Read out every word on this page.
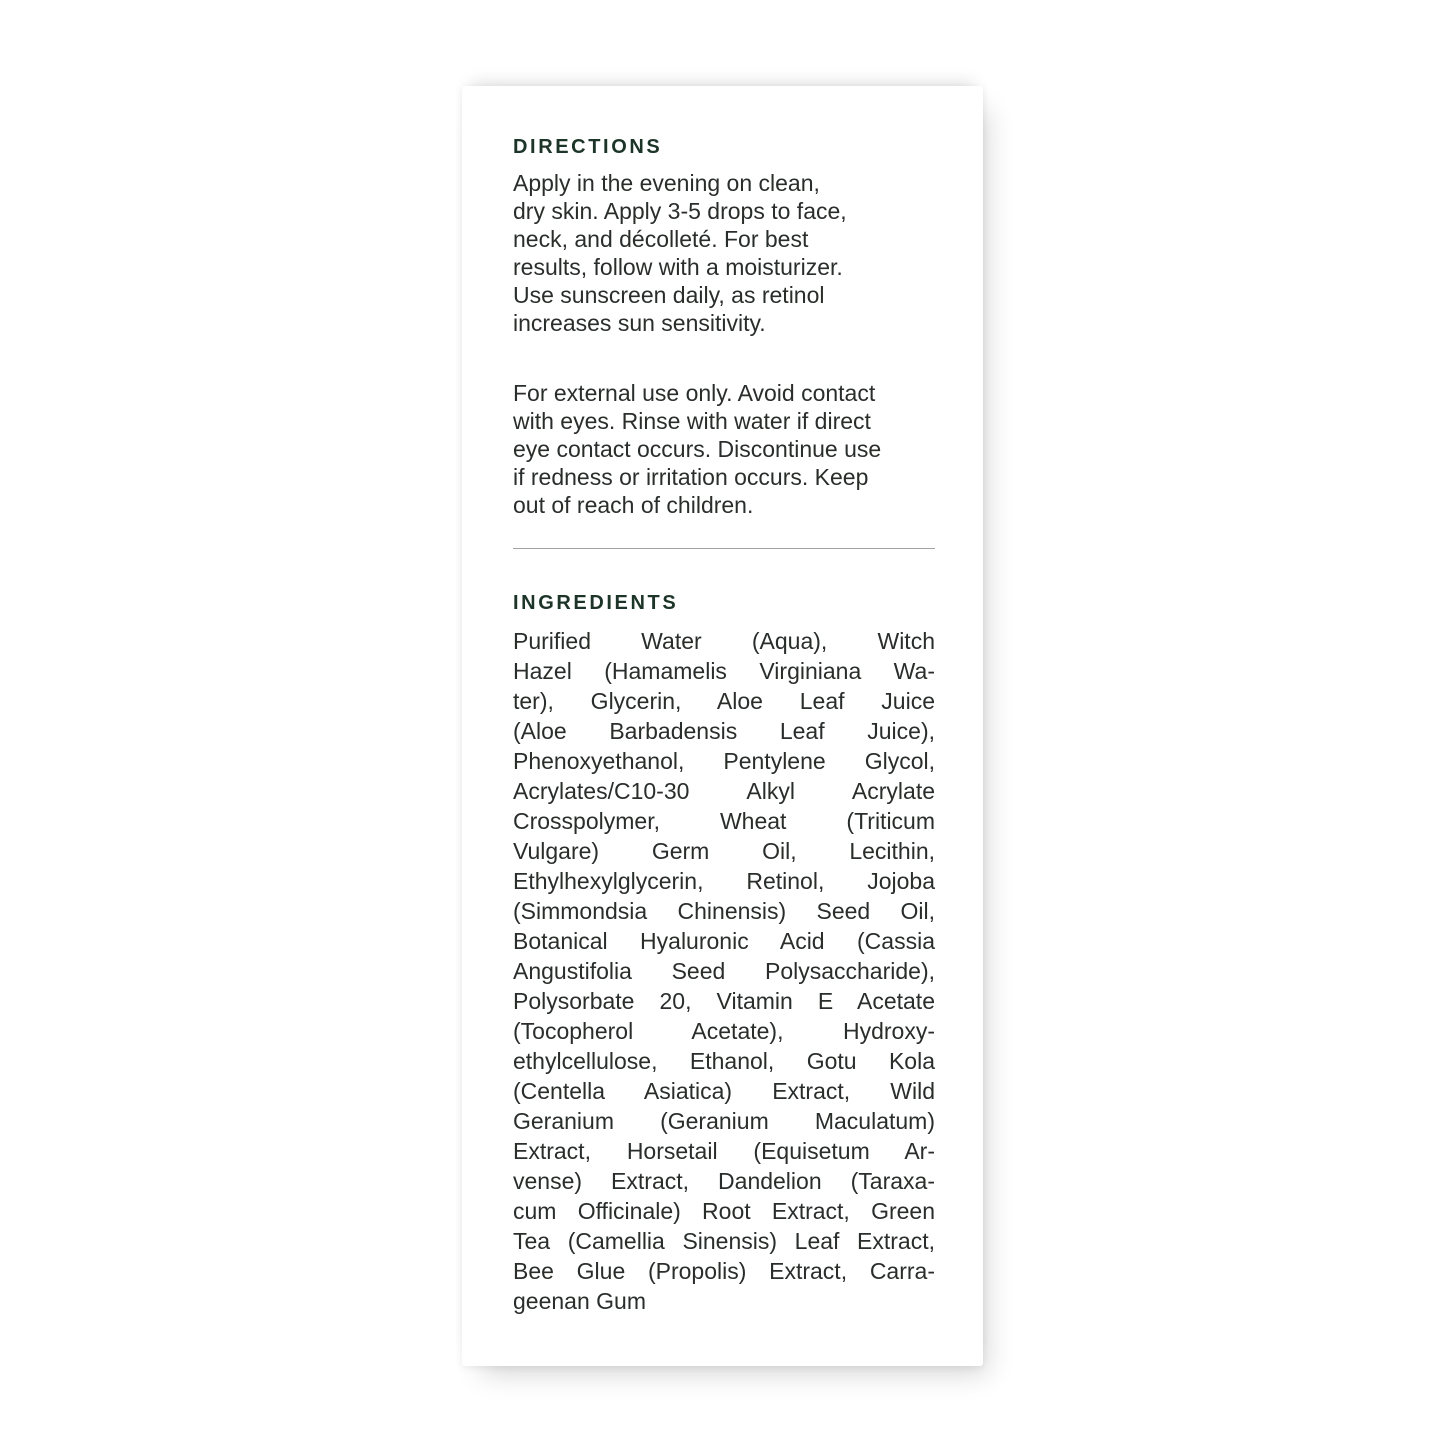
DIRECTIONS
Apply in the evening on clean,
dry skin. Apply 3-5 drops to face,
neck, and décolleté. For best
results, follow with a moisturizer.
Use sunscreen daily, as retinol
increases sun sensitivity.
For external use only. Avoid contact
with eyes. Rinse with water if direct
eye contact occurs. Discontinue use
if redness or irritation occurs. Keep
out of reach of children.
INGREDIENTS
Purified Water (Aqua), Witch
Hazel (Hamamelis Virginiana Wa-
ter), Glycerin, Aloe Leaf Juice
(Aloe Barbadensis Leaf Juice),
Phenoxyethanol, Pentylene Glycol,
Acrylates/C10-30 Alkyl Acrylate
Crosspolymer, Wheat (Triticum
Vulgare) Germ Oil, Lecithin,
Ethylhexylglycerin, Retinol, Jojoba
(Simmondsia Chinensis) Seed Oil,
Botanical Hyaluronic Acid (Cassia
Angustifolia Seed Polysaccharide),
Polysorbate 20, Vitamin E Acetate
(Tocopherol Acetate), Hydroxy-
ethylcellulose, Ethanol, Gotu Kola
(Centella Asiatica) Extract, Wild
Geranium (Geranium Maculatum)
Extract, Horsetail (Equisetum Ar-
vense) Extract, Dandelion (Taraxa-
cum Officinale) Root Extract, Green
Tea (Camellia Sinensis) Leaf Extract,
Bee Glue (Propolis) Extract, Carra-
geenan Gum
